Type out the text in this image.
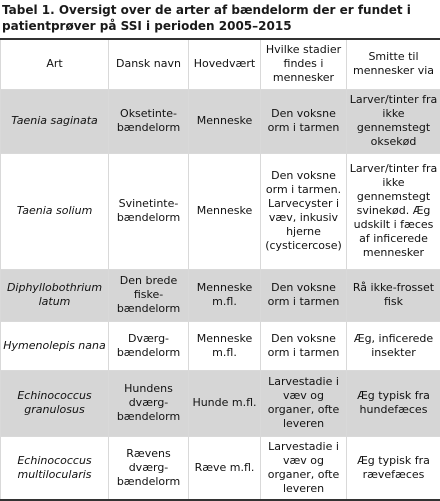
Tabel 1. Oversigt over de arter af bændelorm der er fundet i patientprøver på SSI i perioden 2005–2015
Art	Dansk navn	Hovedvært	Hvilke stadier findes i mennesker	Smitte til mennesker via
Taenia saginata	Oksetinte-bændelorm	Menneske	Den voksne orm i tarmen	Larver/tinter fra ikke gennemstegt oksekød
Taenia solium	Svinetinte-bændelorm	Menneske	Den voksne orm i tarmen. Larvecyster i væv, inkusiv hjerne (cysticercose)	Larver/tinter fra ikke gennemstegt svinekød. Æg udskilt i fæces af inficerede mennesker
Diphyllobothrium latum	Den brede fiske-bændelorm	Menneske m.fl.	Den voksne orm i tarmen	Rå ikke-frosset fisk
Hymenolepis nana	Dværg-bændelorm	Menneske m.fl.	Den voksne orm i tarmen	Æg, inficerede insekter
Echinococcus granulosus	Hundens dværg-bændelorm	Hunde m.fl.	Larvestadie i væv og organer, ofte leveren	Æg typisk fra hundefæces
Echinococcus multilocularis	Rævens dværg-bændelorm	Ræve m.fl.	Larvestadie i væv og organer, ofte leveren	Æg typisk fra rævefæces
